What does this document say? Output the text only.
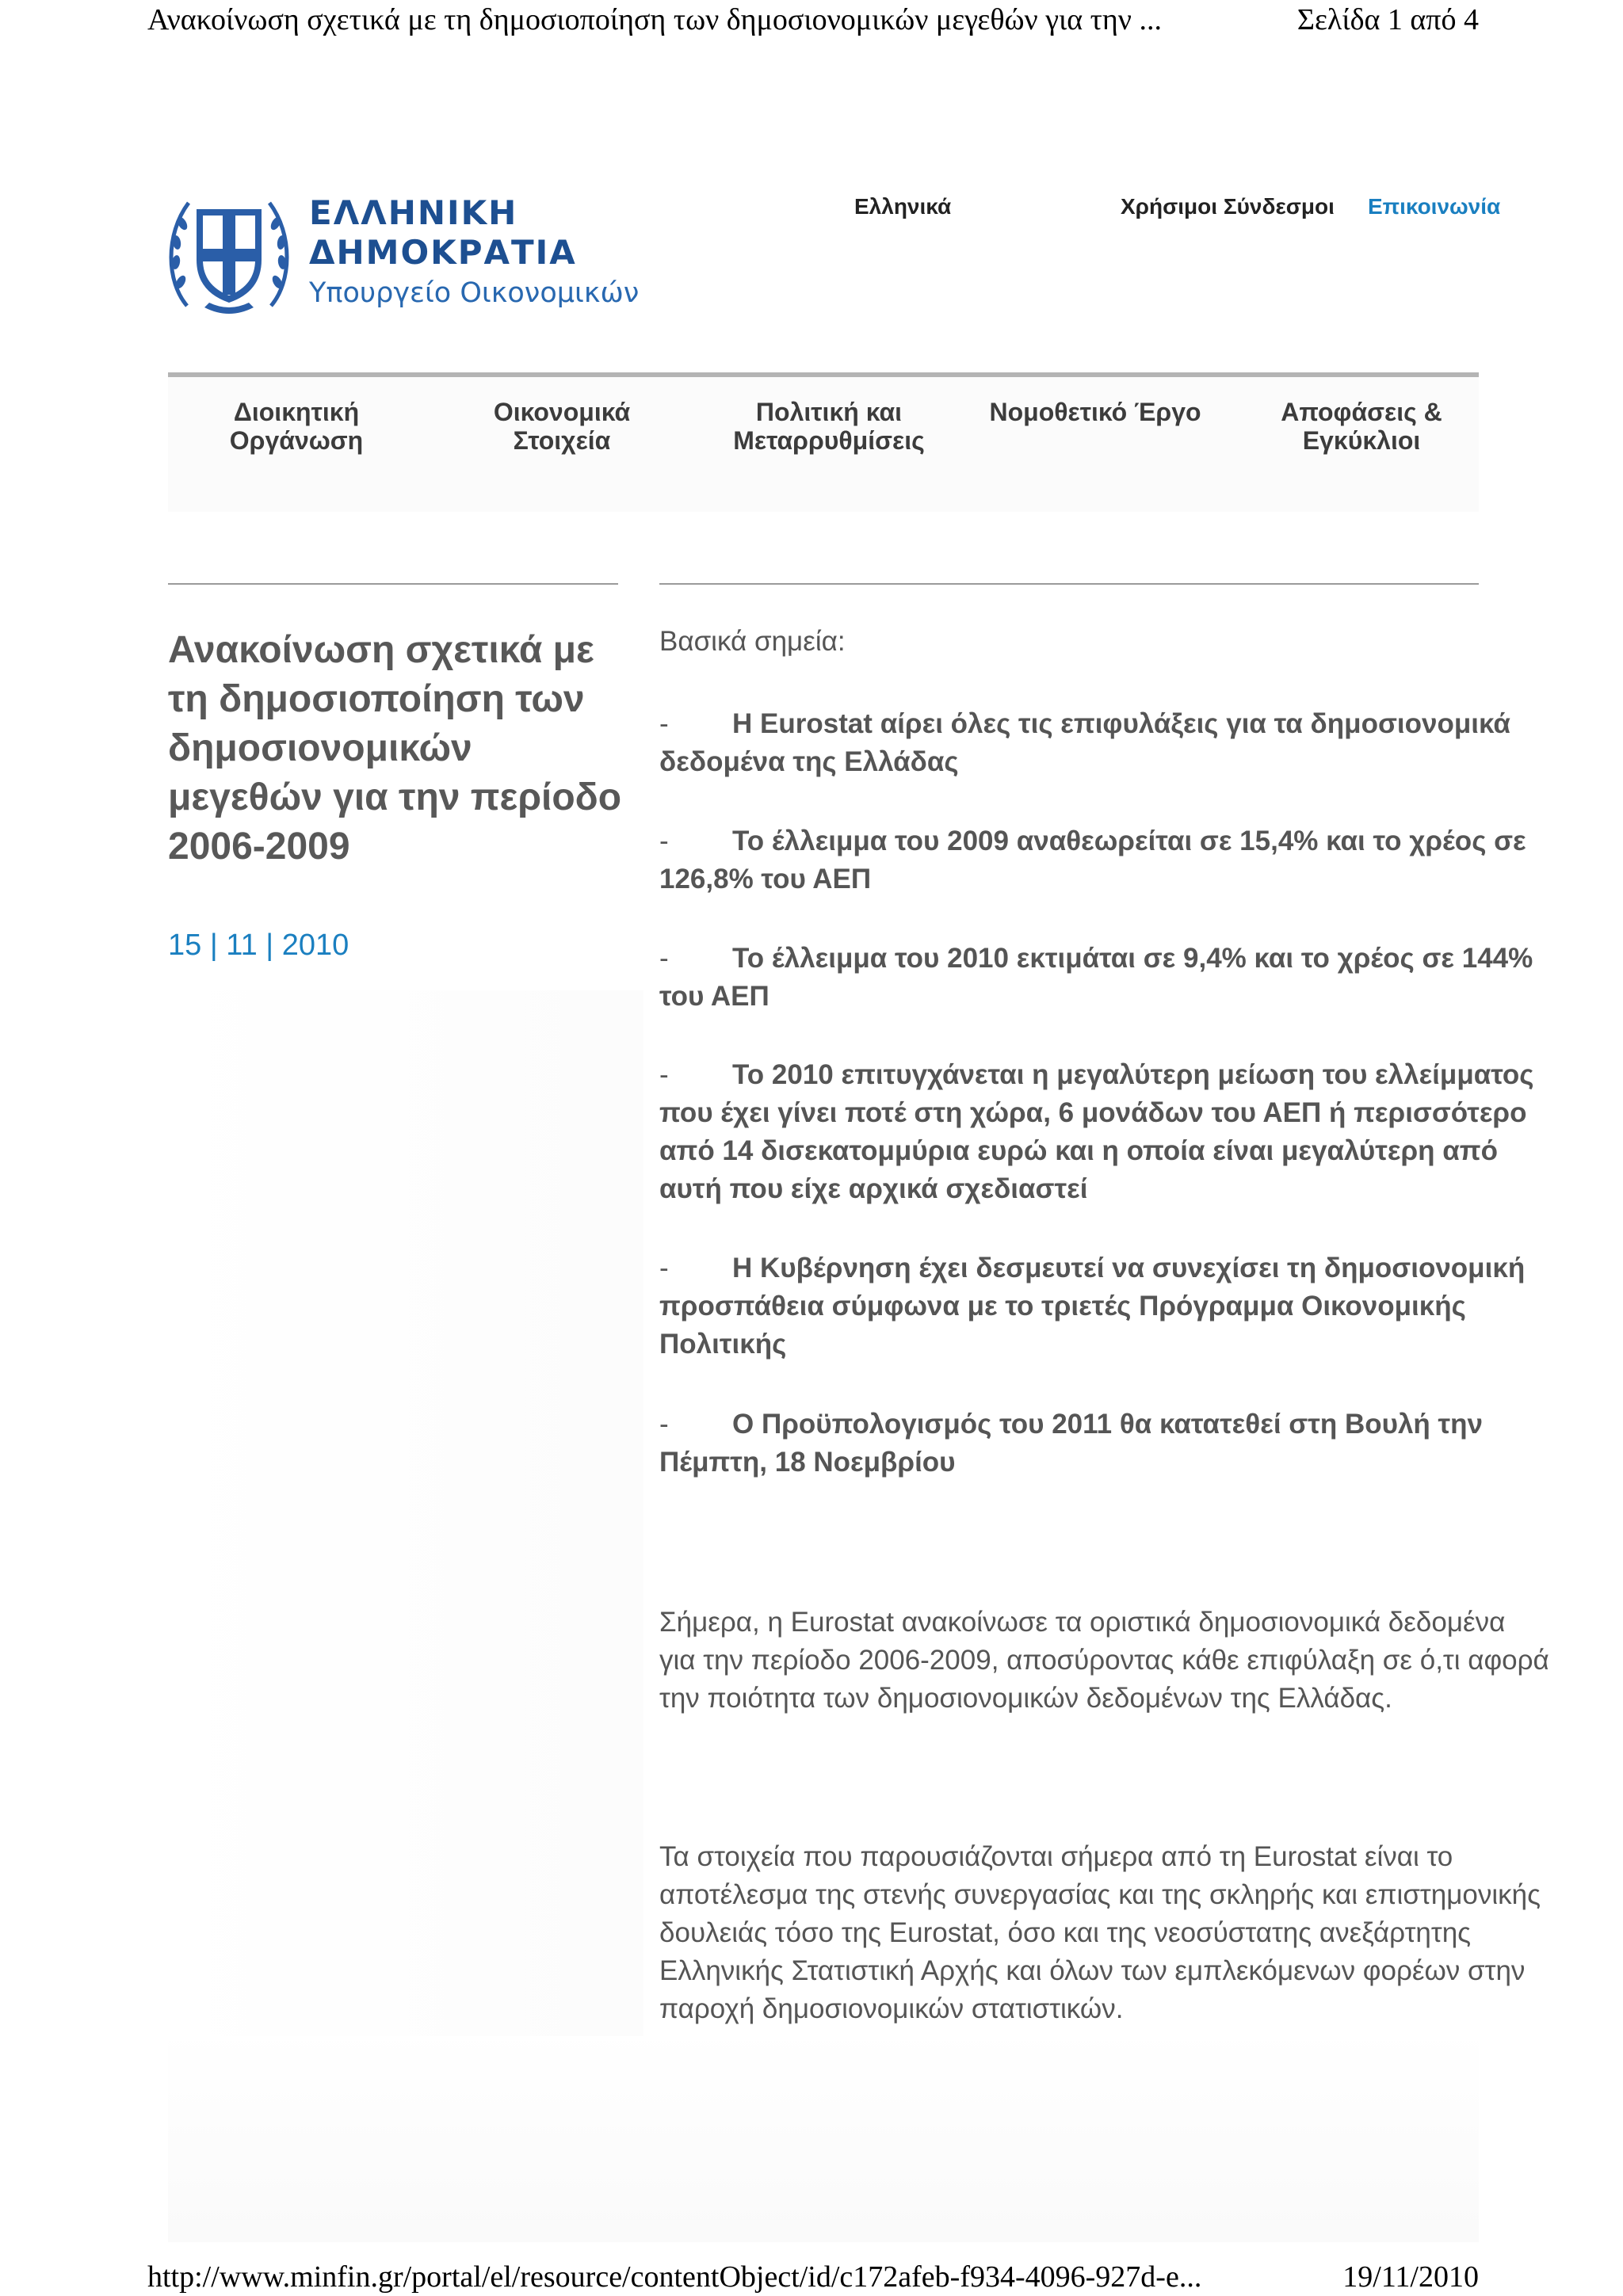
Ανακοίνωση σχετικά με τη δημοσιοποίηση των δημοσιονομικών μεγεθών για την ...	Σελίδα 1 από 4
http://www.minfin.gr/portal/el/resource/contentObject/id/c172afeb-f934-4096-927d-e...	19/11/2010
ΕΛΛΗΝΙΚΗ ΔΗΜΟΚΡΑΤΙΑ
Υπουργείο Οικονομικών
Ελληνικά	Χρήσιμοι Σύνδεσμοι Επικοινωνία
Διοικητική
Οργάνωση
Οικονομικά
Στοιχεία
Πολιτική και
Μεταρρυθμίσεις
Νομοθετικό Έργο	Αποφάσεις &
Εγκύκλιοι
Ανακοίνωση σχετικά με
τη δημοσιοποίηση των
δημοσιονομικών
μεγεθών για την περίοδο
2006-2009
15 | 11 | 2010
Βασικά σημεία:
- Η Eurostat αίρει όλες τις επιφυλάξεις για τα δημοσιονομικά
δεδομένα της Ελλάδας
- Το έλλειμμα του 2009 αναθεωρείται σε 15,4% και το χρέος σε
126,8% του ΑΕΠ
- Το έλλειμμα του 2010 εκτιμάται σε 9,4% και το χρέος σε 144%
του ΑΕΠ
- Το 2010 επιτυγχάνεται η μεγαλύτερη μείωση του ελλείμματος
που έχει γίνει ποτέ στη χώρα, 6 μονάδων του ΑΕΠ ή περισσότερο
από 14 δισεκατομμύρια ευρώ και η οποία είναι μεγαλύτερη από
αυτή που είχε αρχικά σχεδιαστεί
- Η Κυβέρνηση έχει δεσμευτεί να συνεχίσει τη δημοσιονομική
προσπάθεια σύμφωνα με το τριετές Πρόγραμμα Οικονομικής
Πολιτικής
- Ο Προϋπολογισμός του 2011 θα κατατεθεί στη Βουλή την
Πέμπτη, 18 Νοεμβρίου
Σήμερα, η Eurostat ανακοίνωσε τα οριστικά δημοσιονομικά δεδομένα
για την περίοδο 2006-2009, αποσύροντας κάθε επιφύλαξη σε ό,τι αφορά
την ποιότητα των δημοσιονομικών δεδομένων της Ελλάδας.
Τα στοιχεία που παρουσιάζονται σήμερα από τη Eurostat είναι το
αποτέλεσμα της στενής συνεργασίας και της σκληρής και επιστημονικής
δουλειάς τόσο της Eurostat, όσο και της νεοσύστατης ανεξάρτητης
Ελληνικής Στατιστική Αρχής και όλων των εμπλεκόμενων φορέων στην
παροχή δημοσιονομικών στατιστικών.
